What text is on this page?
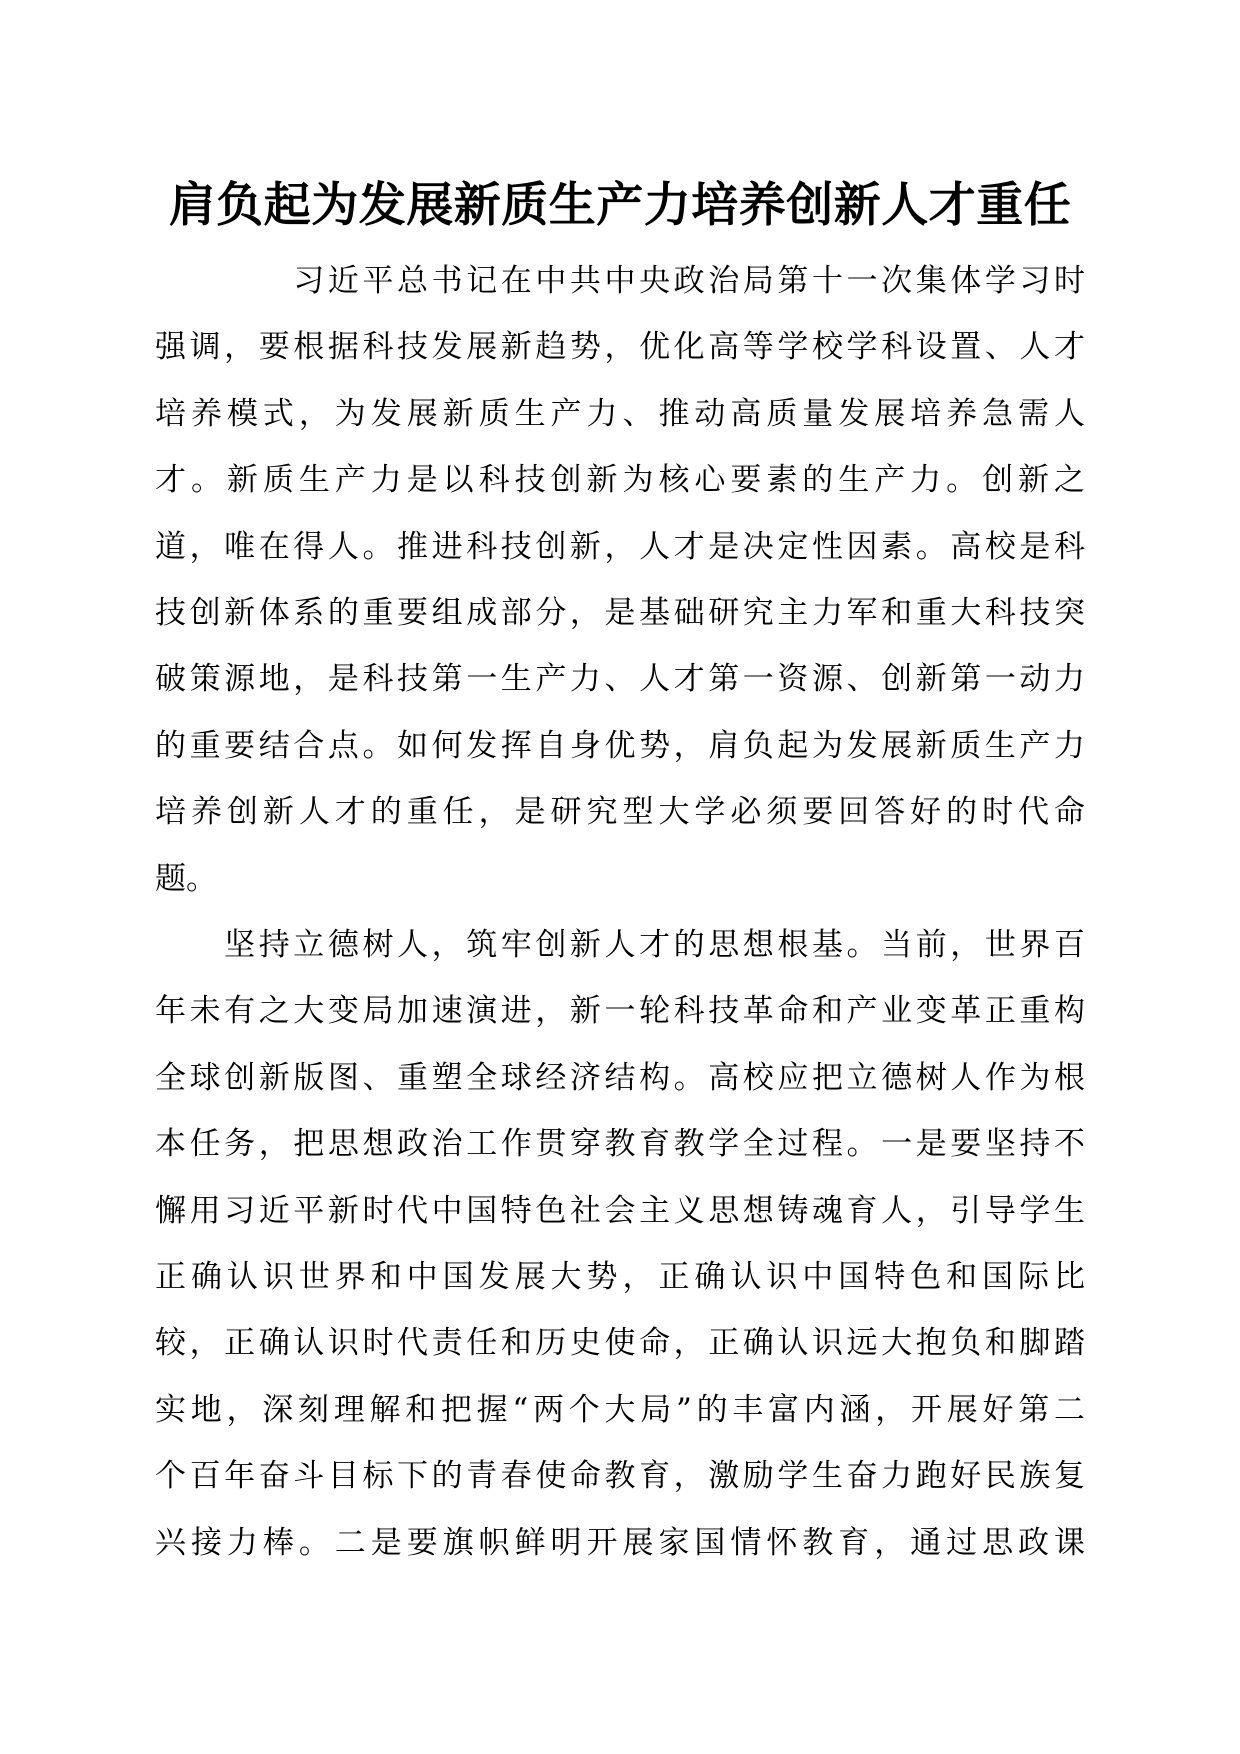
肩负起为发展新质生产力培养创新人才重任
　　　　习近平总书记在中共中央政治局第十一次集体学习时
强调，要根据科技发展新趋势，优化高等学校学科设置、人才
培养模式，为发展新质生产力、推动高质量发展培养急需人
才。新质生产力是以科技创新为核心要素的生产力。创新之
道，唯在得人。推进科技创新，人才是决定性因素。高校是科
技创新体系的重要组成部分，是基础研究主力军和重大科技突
破策源地，是科技第一生产力、人才第一资源、创新第一动力
的重要结合点。如何发挥自身优势，肩负起为发展新质生产力
培养创新人才的重任，是研究型大学必须要回答好的时代命
题。
　　坚持立德树人，筑牢创新人才的思想根基。当前，世界百
年未有之大变局加速演进，新一轮科技革命和产业变革正重构
全球创新版图、重塑全球经济结构。高校应把立德树人作为根
本任务，把思想政治工作贯穿教育教学全过程。一是要坚持不
懈用习近平新时代中国特色社会主义思想铸魂育人，引导学生
正确认识世界和中国发展大势，正确认识中国特色和国际比
较，正确认识时代责任和历史使命，正确认识远大抱负和脚踏
实地，深刻理解和把握“两个大局”的丰富内涵，开展好第二
个百年奋斗目标下的青春使命教育，激励学生奋力跑好民族复
兴接力棒。二是要旗帜鲜明开展家国情怀教育，通过思政课
